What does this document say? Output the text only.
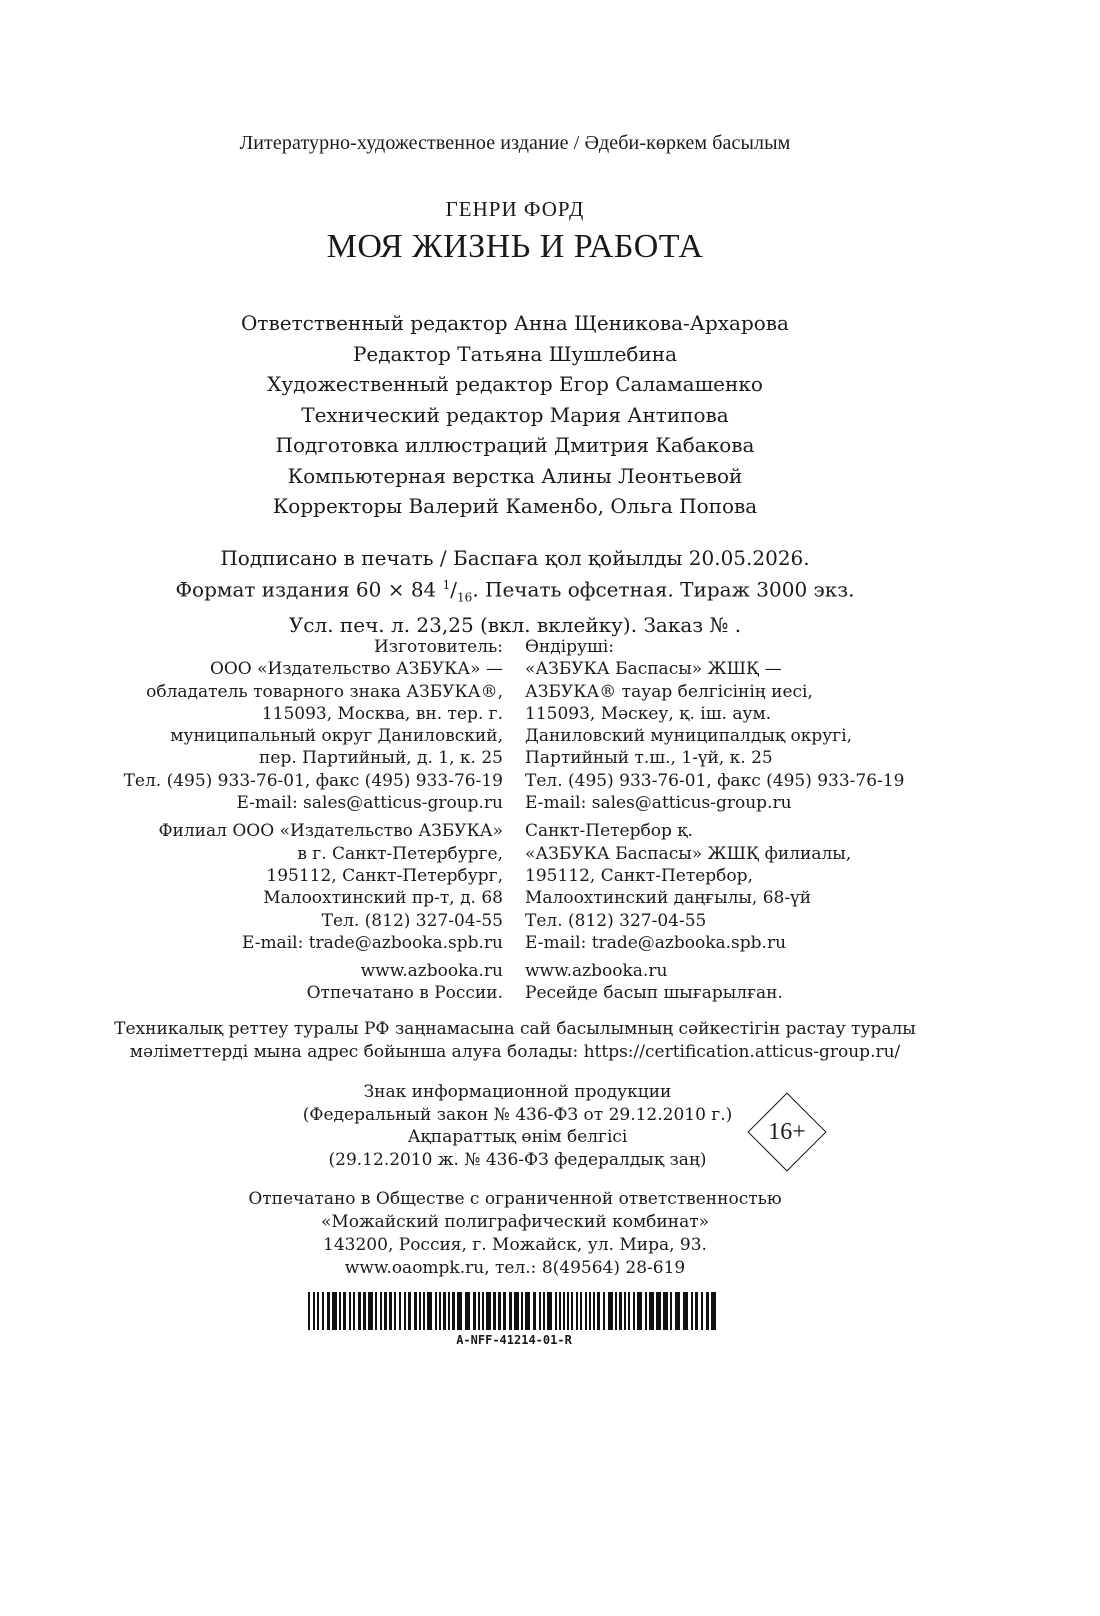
Литературно-художественное издание / Әдеби-көркем басылым
ГЕНРИ ФОРД
МОЯ ЖИЗНЬ И РАБОТА
Ответственный редактор Анна Щеникова-Архарова
Редактор Татьяна Шушлебина
Художественный редактор Егор Саламашенко
Технический редактор Мария Антипова
Подготовка иллюстраций Дмитрия Кабакова
Компьютерная верстка Алины Леонтьевой
Корректоры Валерий Каменδо, Ольга Попова
Подписано в печать / Баспаға қол қойылды 20.05.2026.
Формат издания 60 × 84 $^1/_{16}$. Печать офсетная. Тираж 3000 экз.
Усл. печ. л. 23,25 (вкл. вклейку). Заказ № .
Изготовитель:	Өндіруші:
ООО «Издательство АЗБУКА» —	«АЗБУКА Баспасы» ЖШҚ —
обладатель товарного знака АЗБУКА®,	АЗБУКА® тауар белгісінің иесі,
115093, Москва, вн. тер. г.	115093, Мәскеу, қ. іш. аум.
муниципальный округ Даниловский,	Даниловский муниципалдық округі,
пер. Партийный, д. 1, к. 25	Партийный т.ш., 1-үй, к. 25
Тел. (495) 933-76-01, факс (495) 933-76-19	Тел. (495) 933-76-01, факс (495) 933-76-19
E-mail: sales@atticus-group.ru	E-mail: sales@atticus-group.ru
Филиал ООО «Издательство АЗБУКА»	Санкт-Петербор қ.
в г. Санкт-Петербурге,	«АЗБУКА Баспасы» ЖШҚ филиалы,
195112, Санкт-Петербург,	195112, Санкт-Петербор,
Малоохтинский пр-т, д. 68	Малоохтинский даңғылы, 68-үй
Тел. (812) 327-04-55	Тел. (812) 327-04-55
E-mail: trade@azbooka.spb.ru	E-mail: trade@azbooka.spb.ru
www.azbooka.ru	www.azbooka.ru
Отпечатано в России.	Ресейде басып шығарылған.
Техникалық реттеу туралы РФ заңнамасына сай басылымның сәйкестігін растау туралы
мәліметтерді мына адрес бойынша алуға болады: https://certification.atticus-group.ru/
Знак информационной продукции
(Федеральный закон № 436-ФЗ от 29.12.2010 г.)
Ақпараттық өнім белгісі
(29.12.2010 ж. № 436-ФЗ федералдық заң)
16+
Отпечатано в Обществе с ограниченной ответственностью
«Можайский полиграфический комбинат»
143200, Россия, г. Можайск, ул. Мира, 93.
www.oaompk.ru, тел.: 8(49564) 28-619
A-NFF-41214-01-R
